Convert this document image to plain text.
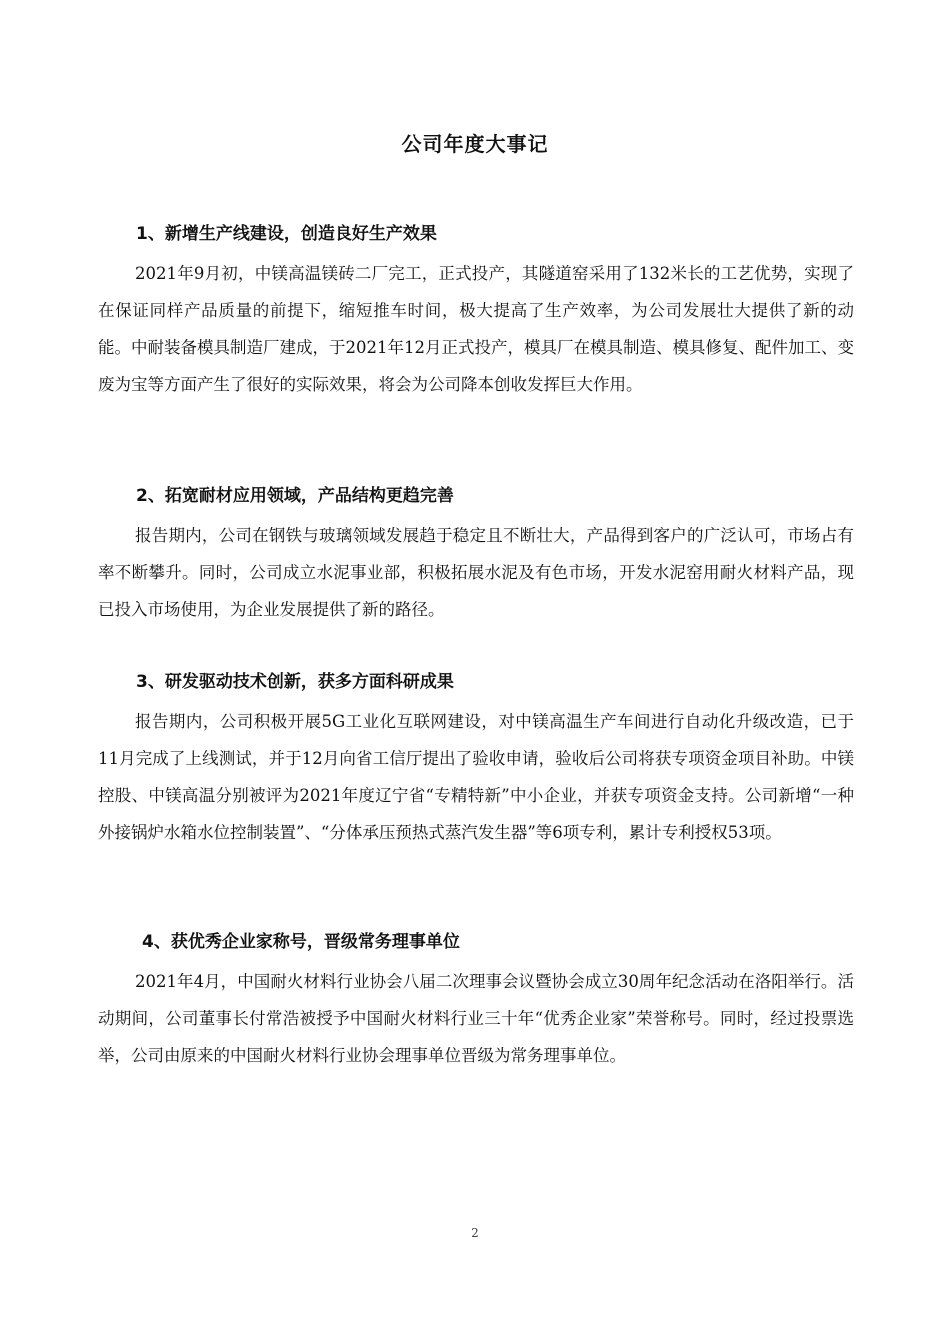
公司年度大事记
1、新增生产线建设，创造良好生产效果

2021年9月初，中镁高温镁砖二厂完工，正式投产，其隧道窑采用了132米长的工艺优势，实现了在保证同样产品质量的前提下，缩短推车时间，极大提高了生产效率，为公司发展壮大提供了新的动能。中耐装备模具制造厂建成，于2021年12月正式投产，模具厂在模具制造、模具修复、配件加工、变废为宝等方面产生了很好的实际效果，将会为公司降本创收发挥巨大作用。

2、拓宽耐材应用领域，产品结构更趋完善

报告期内，公司在钢铁与玻璃领域发展趋于稳定且不断壮大，产品得到客户的广泛认可，市场占有率不断攀升。同时，公司成立水泥事业部，积极拓展水泥及有色市场，开发水泥窑用耐火材料产品，现已投入市场使用，为企业发展提供了新的路径。

3、研发驱动技术创新，获多方面科研成果

报告期内，公司积极开展5G工业化互联网建设，对中镁高温生产车间进行自动化升级改造，已于11月完成了上线测试，并于12月向省工信厅提出了验收申请，验收后公司将获专项资金项目补助。中镁控股、中镁高温分别被评为2021年度辽宁省“专精特新”中小企业，并获专项资金支持。公司新增“一种外接锅炉水箱水位控制装置”、“分体承压预热式蒸汽发生器”等6项专利，累计专利授权53项。

4、获优秀企业家称号，晋级常务理事单位

2021年4月，中国耐火材料行业协会八届二次理事会议暨协会成立30周年纪念活动在洛阳举行。活动期间，公司董事长付常浩被授予中国耐火材料行业三十年“优秀企业家”荣誉称号。同时，经过投票选举，公司由原来的中国耐火材料行业协会理事单位晋级为常务理事单位。

2
